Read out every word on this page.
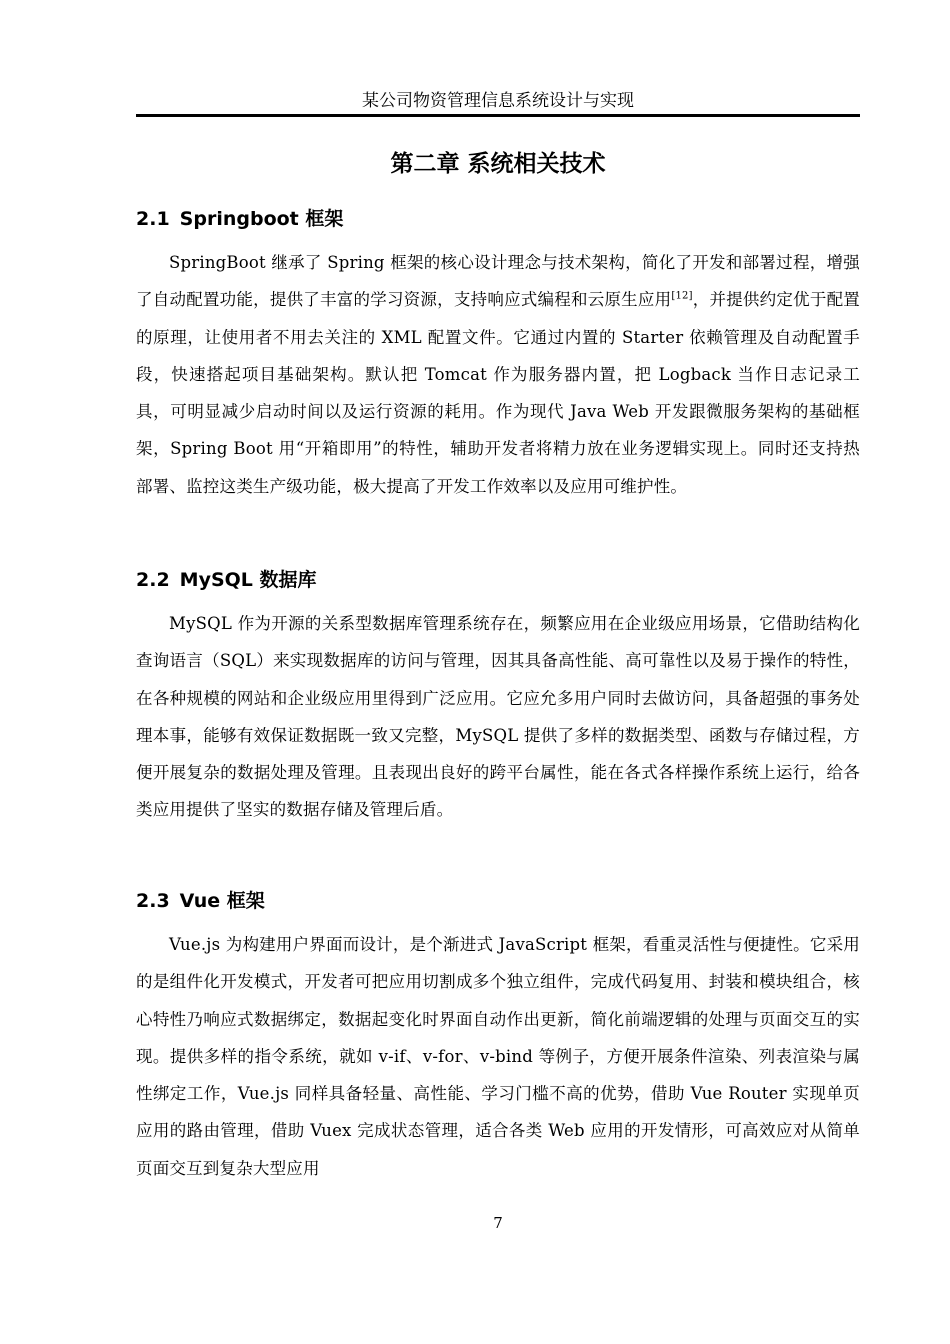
某公司物资管理信息系统设计与实现
第二章 系统相关技术
2.1 Springboot 框架

SpringBoot 继承了 Spring 框架的核心设计理念与技术架构，简化了开发和部署过程，增强了自动配置功能，提供了丰富的学习资源，支持响应式编程和云原生应用[12]，并提供约定优于配置的原理，让使用者不用去关注的 XML 配置文件。它通过内置的 Starter 依赖管理及自动配置手段，快速搭起项目基础架构。默认把 Tomcat 作为服务器内置，把 Logback 当作日志记录工具，可明显减少启动时间以及运行资源的耗用。作为现代 Java Web 开发跟微服务架构的基础框架，Spring Boot 用“开箱即用”的特性，辅助开发者将精力放在业务逻辑实现上。同时还支持热部署、监控这类生产级功能，极大提高了开发工作效率以及应用可维护性。

2.2 MySQL 数据库

MySQL 作为开源的关系型数据库管理系统存在，频繁应用在企业级应用场景，它借助结构化查询语言（SQL）来实现数据库的访问与管理，因其具备高性能、高可靠性以及易于操作的特性，在各种规模的网站和企业级应用里得到广泛应用。它应允多用户同时去做访问，具备超强的事务处理本事，能够有效保证数据既一致又完整，MySQL 提供了多样的数据类型、函数与存储过程，方便开展复杂的数据处理及管理。且表现出良好的跨平台属性，能在各式各样操作系统上运行，给各类应用提供了坚实的数据存储及管理后盾。

2.3 Vue 框架

Vue.js 为构建用户界面而设计，是个渐进式 JavaScript 框架，看重灵活性与便捷性。它采用的是组件化开发模式，开发者可把应用切割成多个独立组件，完成代码复用、封装和模块组合，核心特性乃响应式数据绑定，数据起变化时界面自动作出更新，简化前端逻辑的处理与页面交互的实现。提供多样的指令系统，就如 v-if、v-for、v-bind 等例子，方便开展条件渲染、列表渲染与属性绑定工作，Vue.js 同样具备轻量、高性能、学习门槛不高的优势，借助 Vue Router 实现单页应用的路由管理，借助 Vuex 完成状态管理，适合各类 Web 应用的开发情形，可高效应对从简单页面交互到复杂大型应用

7
